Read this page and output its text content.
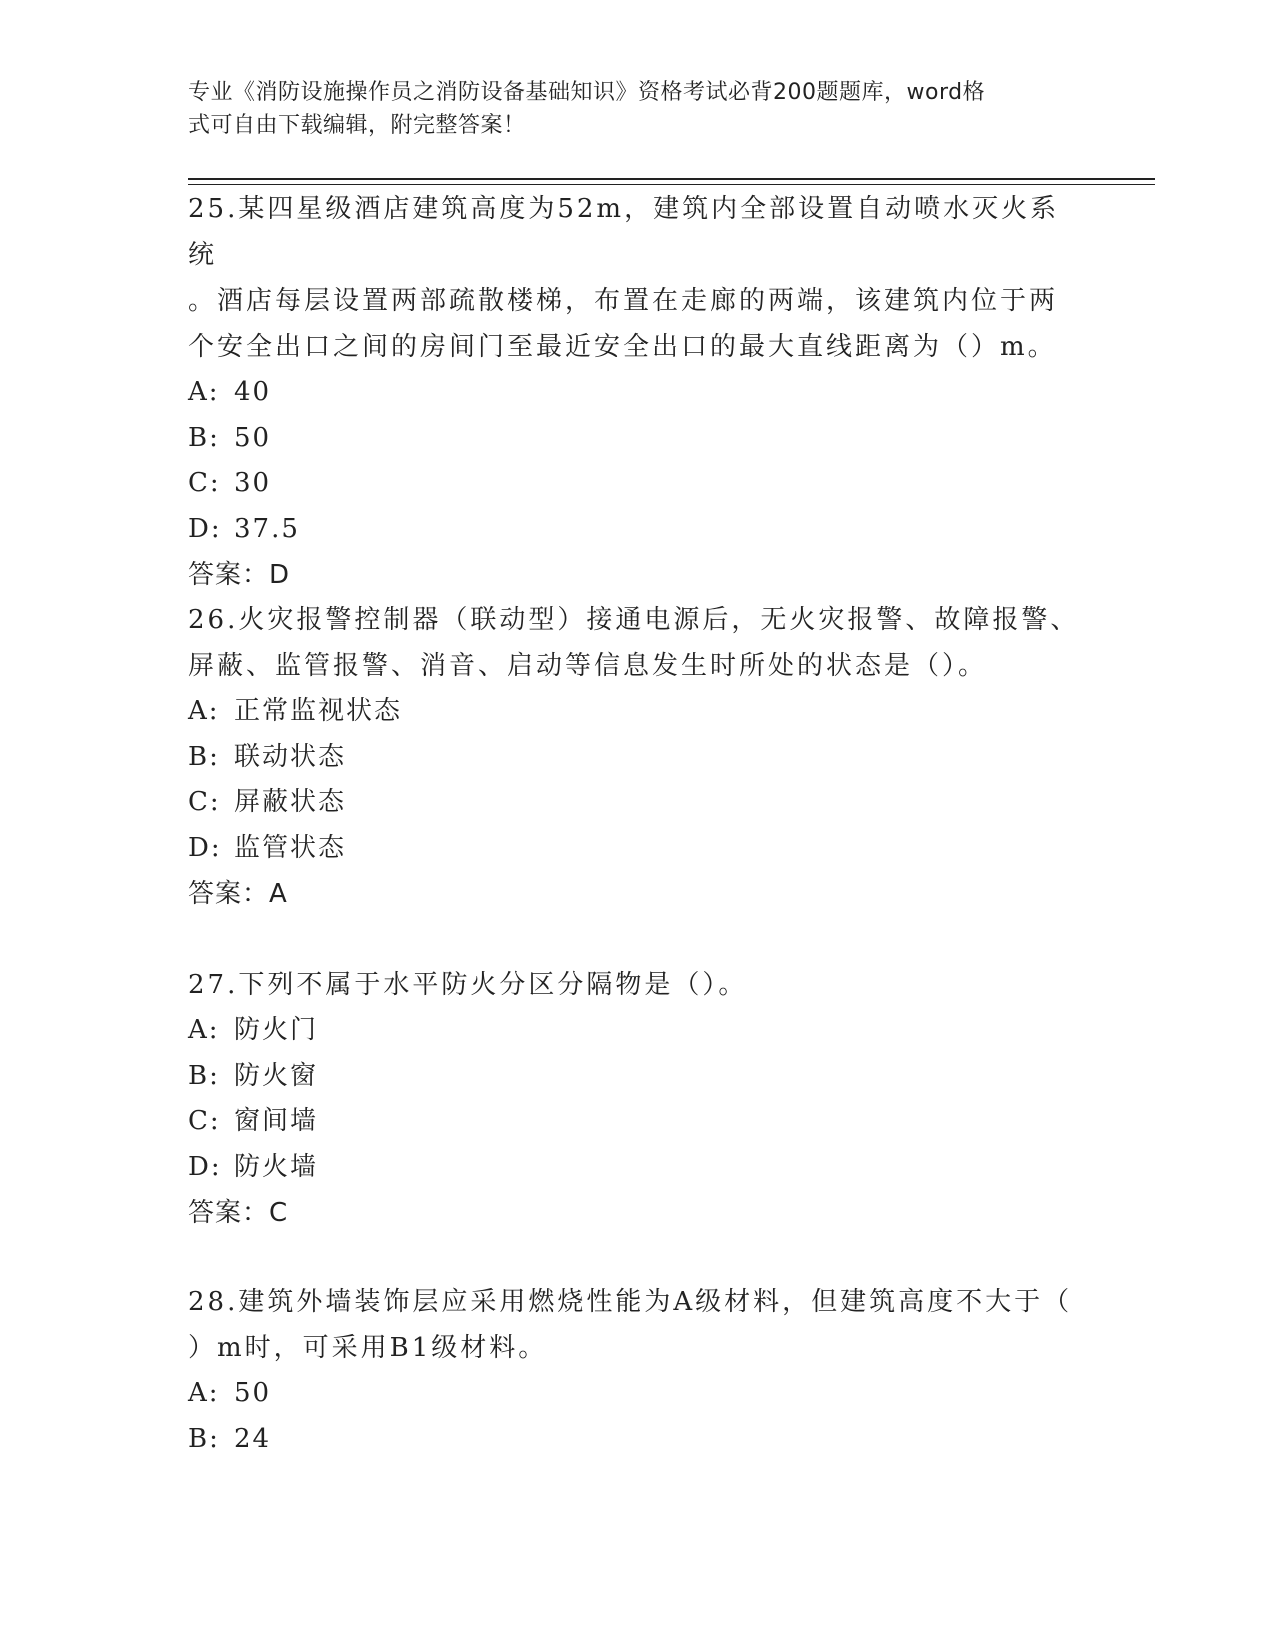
专业《消防设施操作员之消防设备基础知识》资格考试必背200题题库，word格
式可自由下载编辑，附完整答案！

25.某四星级酒店建筑高度为52m，建筑内全部设置自动喷水灭火系统

。酒店每层设置两部疏散楼梯，布置在走廊的两端，该建筑内位于两

个安全出口之间的房间门至最近安全出口的最大直线距离为（）m。

A: 40

B: 50

C: 30

D: 37.5

答案：D

26.火灾报警控制器（联动型）接通电源后，无火灾报警、故障报警、

屏蔽、监管报警、消音、启动等信息发生时所处的状态是（）。

A: 正常监视状态

B: 联动状态

C: 屏蔽状态

D: 监管状态

答案：A

27.下列不属于水平防火分区分隔物是（）。

A: 防火门

B: 防火窗

C: 窗间墙

D: 防火墙

答案：C

28.建筑外墙装饰层应采用燃烧性能为A级材料，但建筑高度不大于（

）m时，可采用B1级材料。

A: 50

B: 24
